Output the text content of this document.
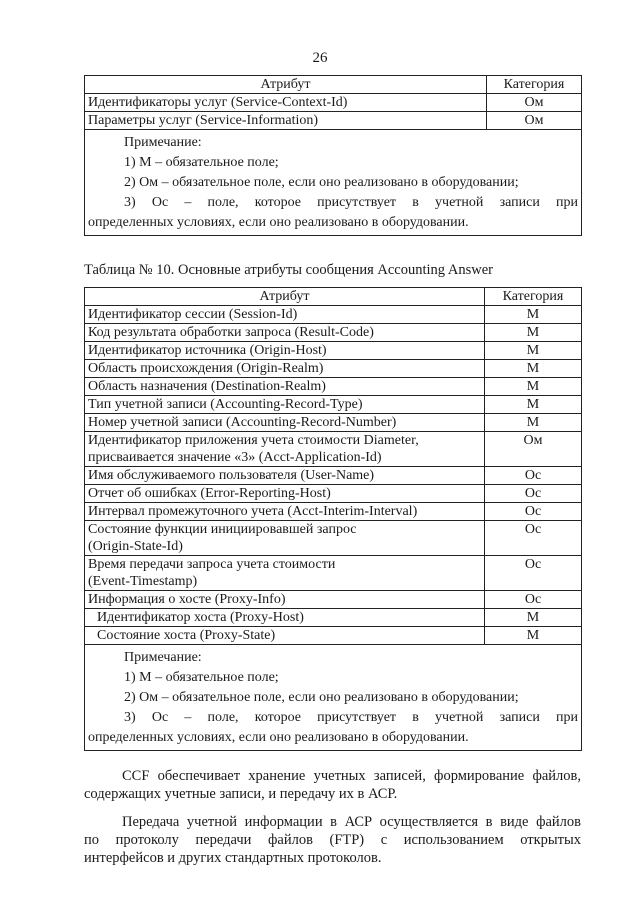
26
Атрибут	Категория
Идентификаторы услуг (Service-Context-Id)	Ом
Параметры услуг (Service-Information)	Ом

Примечание:
1) М – обязательное поле;
2) Ом – обязательное поле, если оно реализовано в оборудовании;
3) Ос – поле, которое присутствует в учетной записи при
определенных условиях, если оно реализовано в оборудовании.	
Таблица № 10. Основные атрибуты сообщения Accounting Answer
Атрибут	Категория
Идентификатор сессии (Session-Id)	М
Код результата обработки запроса (Result-Code)	М
Идентификатор источника (Origin-Host)	М
Область происхождения (Origin-Realm)	М
Область назначения (Destination-Realm)	М
Тип учетной записи (Accounting-Record-Type)	М
Номер учетной записи (Accounting-Record-Number)	М

Идентификатор приложения учета стоимости Diameter,
присваивается значение «3» (Acct-Application-Id)	Ом
Имя обслуживаемого пользователя (User-Name)	Ос
Отчет об ошибках (Error-Reporting-Host)	Ос
Интервал промежуточного учета (Acct-Interim-Interval)	Ос

Состояние функции инициировавшей запрос
(Origin-State-Id)	Ос

Время передачи запроса учета стоимости
(Event-Timestamp)	Ос
Информация о хосте (Proxy-Info)	Ос
Идентификатор хоста (Proxy-Host)	М
Состояние хоста (Proxy-State)	М

Примечание:
1) М – обязательное поле;
2) Ом – обязательное поле, если оно реализовано в оборудовании;
3) Ос – поле, которое присутствует в учетной записи при
определенных условиях, если оно реализовано в оборудовании.	
CCF обеспечивает хранение учетных записей, формирование файлов,
содержащих учетные записи, и передачу их в АСР.
Передача учетной информации в АСР осуществляется в виде файлов
по протоколу передачи файлов (FTP) с использованием открытых
интерфейсов и других стандартных протоколов.
